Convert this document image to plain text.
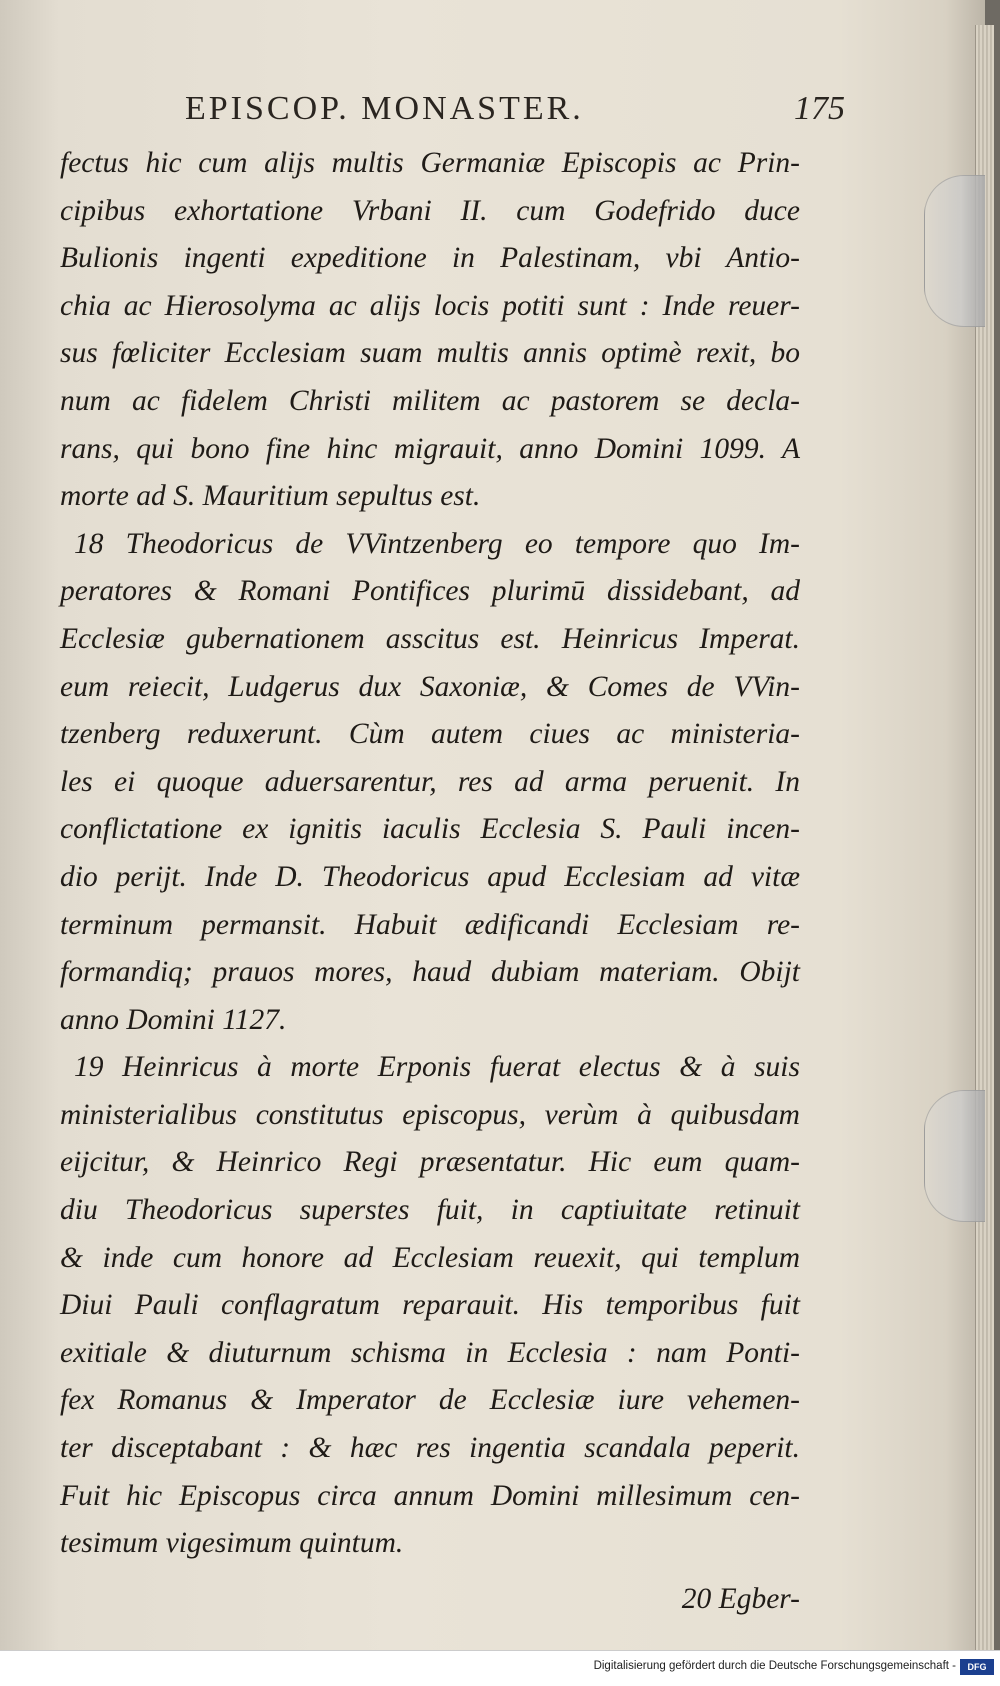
EPISCOP. MONASTER.	175
fectus hic cum alijs multis Germaniæ Episcopis ac Prin-
cipibus exhortatione Vrbani II. cum Godefrido duce
Bulionis ingenti expeditione in Palestinam, vbi Antio-
chia ac Hierosolyma ac alijs locis potiti sunt : Inde reuer-
sus fœliciter Ecclesiam suam multis annis optimè rexit, bo
num ac fidelem Christi militem ac pastorem se decla-
rans, qui bono fine hinc migrauit, anno Domini 1099. A
morte ad S. Mauritium sepultus est.
18 Theodoricus de VVintzenberg eo tempore quo Im-
peratores & Romani Pontifices plurimū dissidebant, ad
Ecclesiæ gubernationem asscitus est. Heinricus Imperat.
eum reiecit, Ludgerus dux Saxoniæ, & Comes de VVin-
tzenberg reduxerunt. Cùm autem ciues ac ministeria-
les ei quoque aduersarentur, res ad arma peruenit. In
conflictatione ex ignitis iaculis Ecclesia S. Pauli incen-
dio perijt. Inde D. Theodoricus apud Ecclesiam ad vitæ
terminum permansit. Habuit ædificandi Ecclesiam re-
formandiq; prauos mores, haud dubiam materiam. Obijt
anno Domini 1127.
19 Heinricus à morte Erponis fuerat electus & à suis
ministerialibus constitutus episcopus, verùm à quibusdam
eijcitur, & Heinrico Regi præsentatur. Hic eum quam-
diu Theodoricus superstes fuit, in captiuitate retinuit
& inde cum honore ad Ecclesiam reuexit, qui templum
Diui Pauli conflagratum reparauit. His temporibus fuit
exitiale & diuturnum schisma in Ecclesia : nam Ponti-
fex Romanus & Imperator de Ecclesiæ iure vehemen-
ter disceptabant : & hæc res ingentia scandala peperit.
Fuit hic Episcopus circa annum Domini millesimum cen-
tesimum vigesimum quintum.
20 Egber-
Digitalisierung gefördert durch die Deutsche Forschungsgemeinschaft -	DFG
